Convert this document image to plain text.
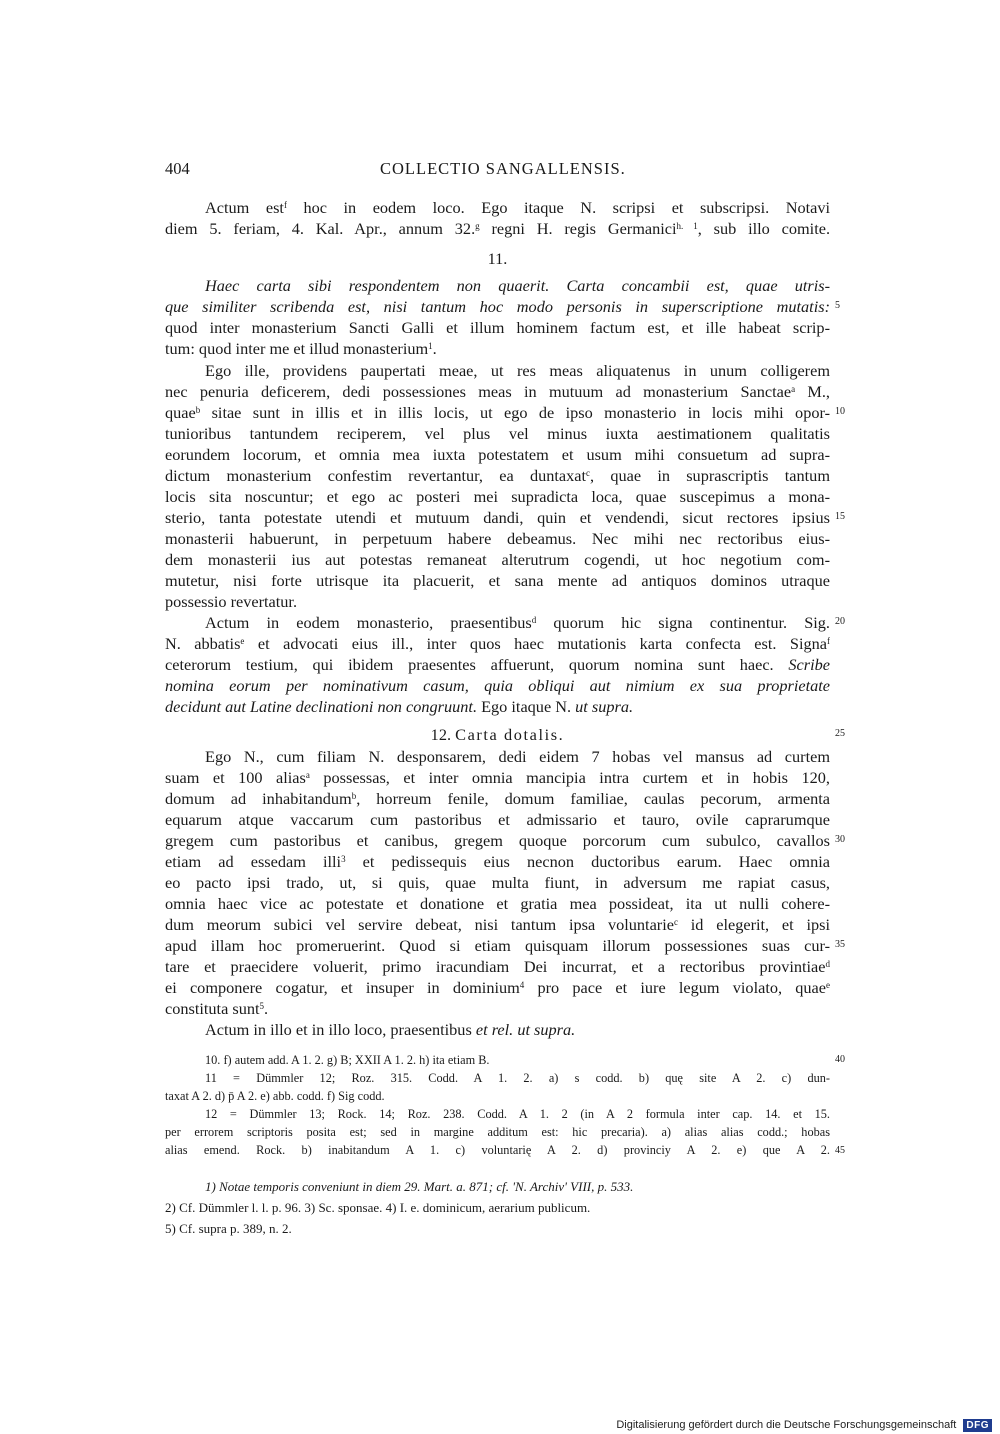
404	COLLECTIO SANGALLENSIS.
Actum est$^f$ hoc in eodem loco. Ego itaque N. scripsi et subscripsi. Notavi
diem 5. feriam, 4. Kal. Apr., annum 32.$^g$ regni H. regis Germanici$^{h. 1}$, sub illo comite.
11.
Haec carta sibi respondentem non quaerit. Carta concambii est, quae utris-
que similiter scribenda est, nisi tantum hoc modo personis in superscriptione mutatis: 5
quod inter monasterium Sancti Galli et illum hominem factum est, et ille habeat scrip-
tum: quod inter me et illud monasterium$^1$.
Ego ille, providens paupertati meae, ut res meas aliquatenus in unum colligerem
nec penuria deficerem, dedi possessiones meas in mutuum ad monasterium Sanctae$^a$ M.,
quae$^b$ sitae sunt in illis et in illis locis, ut ego de ipso monasterio in locis mihi opor- 10
tunioribus tantundem reciperem, vel plus vel minus iuxta aestimationem qualitatis
eorundem locorum, et omnia mea iuxta potestatem et usum mihi consuetum ad supra-
dictum monasterium confestim revertantur, ea duntaxat$^c$, quae in suprascriptis tantum
locis sita noscuntur; et ego ac posteri mei supradicta loca, quae suscepimus a mona-
sterio, tanta potestate utendi et mutuum dandi, quin et vendendi, sicut rectores ipsius 15
monasterii habuerunt, in perpetuum habere debeamus. Nec mihi nec rectoribus eius-
dem monasterii ius aut potestas remaneat alterutrum cogendi, ut hoc negotium com-
mutetur, nisi forte utrisque ita placuerit, et sana mente ad antiquos dominos utraque
possessio revertatur.
Actum in eodem monasterio, praesentibus$^d$ quorum hic signa continentur. Sig. 20
N. abbatis$^e$ et advocati eius ill., inter quos haec mutationis karta confecta est. Signa$^f$
ceterorum testium, qui ibidem praesentes affuerunt, quorum nomina sunt haec. Scribe
nomina eorum per nominativum casum, quia obliqui aut nimium ex sua proprietate
decidunt aut Latine declinationi non congruunt. Ego itaque N. ut supra.
12. Carta dotalis.	25
Ego N., cum filiam N. desponsarem, dedi eidem 7 hobas vel mansus ad curtem
suam et 100 alias$^a$ possessas, et inter omnia mancipia intra curtem et in hobis 120,
domum ad inhabitandum$^b$, horreum fenile, domum familiae, caulas pecorum, armenta
equarum atque vaccarum cum pastoribus et admissario et tauro, ovile caprarumque
gregem cum pastoribus et canibus, gregem quoque porcorum cum subulco, cavallos 30
etiam ad essedam illi$^3$ et pedissequis eius necnon ductoribus earum. Haec omnia
eo pacto ipsi trado, ut, si quis, quae multa fiunt, in adversum me rapiat casus,
omnia haec vice ac potestate et donatione et gratia mea possideat, ita ut nulli cohere-
dum meorum subici vel servire debeat, nisi tantum ipsa voluntarie$^c$ id elegerit, et ipsi
apud illam hoc promeruerint. Quod si etiam quisquam illorum possessiones suas cur- 35
tare et praecidere voluerit, primo iracundiam Dei incurrat, et a rectoribus provintiae$^d$
ei componere cogatur, et insuper in dominium$^4$ pro pace et iure legum violato, quae$^e$
constituta sunt$^5$.
Actum in illo et in illo loco, praesentibus et rel. ut supra.
10. f) autem add. A 1. 2. g) B; XXII A 1. 2. h) ita etiam B.	40
11 = Dümmler 12; Roz. 315. Codd. A 1. 2. a) s codd. b) quę site A 2. c) dun-
taxat A 2. d) p̄ A 2. e) abb. codd. f) Sig codd.
12 = Dümmler 13; Rock. 14; Roz. 238. Codd. A 1. 2 (in A 2 formula inter cap. 14. et 15.
per errorem scriptoris posita est; sed in margine additum est: hic precaria). a) alias alias codd.; hobas
alias emend. Rock. b) inabitandum A 1. c) voluntarię A 2. d) provinciy A 2. e) que A 2. 45
1) Notae temporis conveniunt in diem 29. Mart. a. 871; cf. 'N. Archiv' VIII, p. 533.
2) Cf. Dümmler l. l. p. 96. 3) Sc. sponsae. 4) I. e. dominicum, aerarium publicum.
5) Cf. supra p. 389, n. 2.
Digitalisierung gefördert durch die Deutsche Forschungsgemeinschaft DFG
